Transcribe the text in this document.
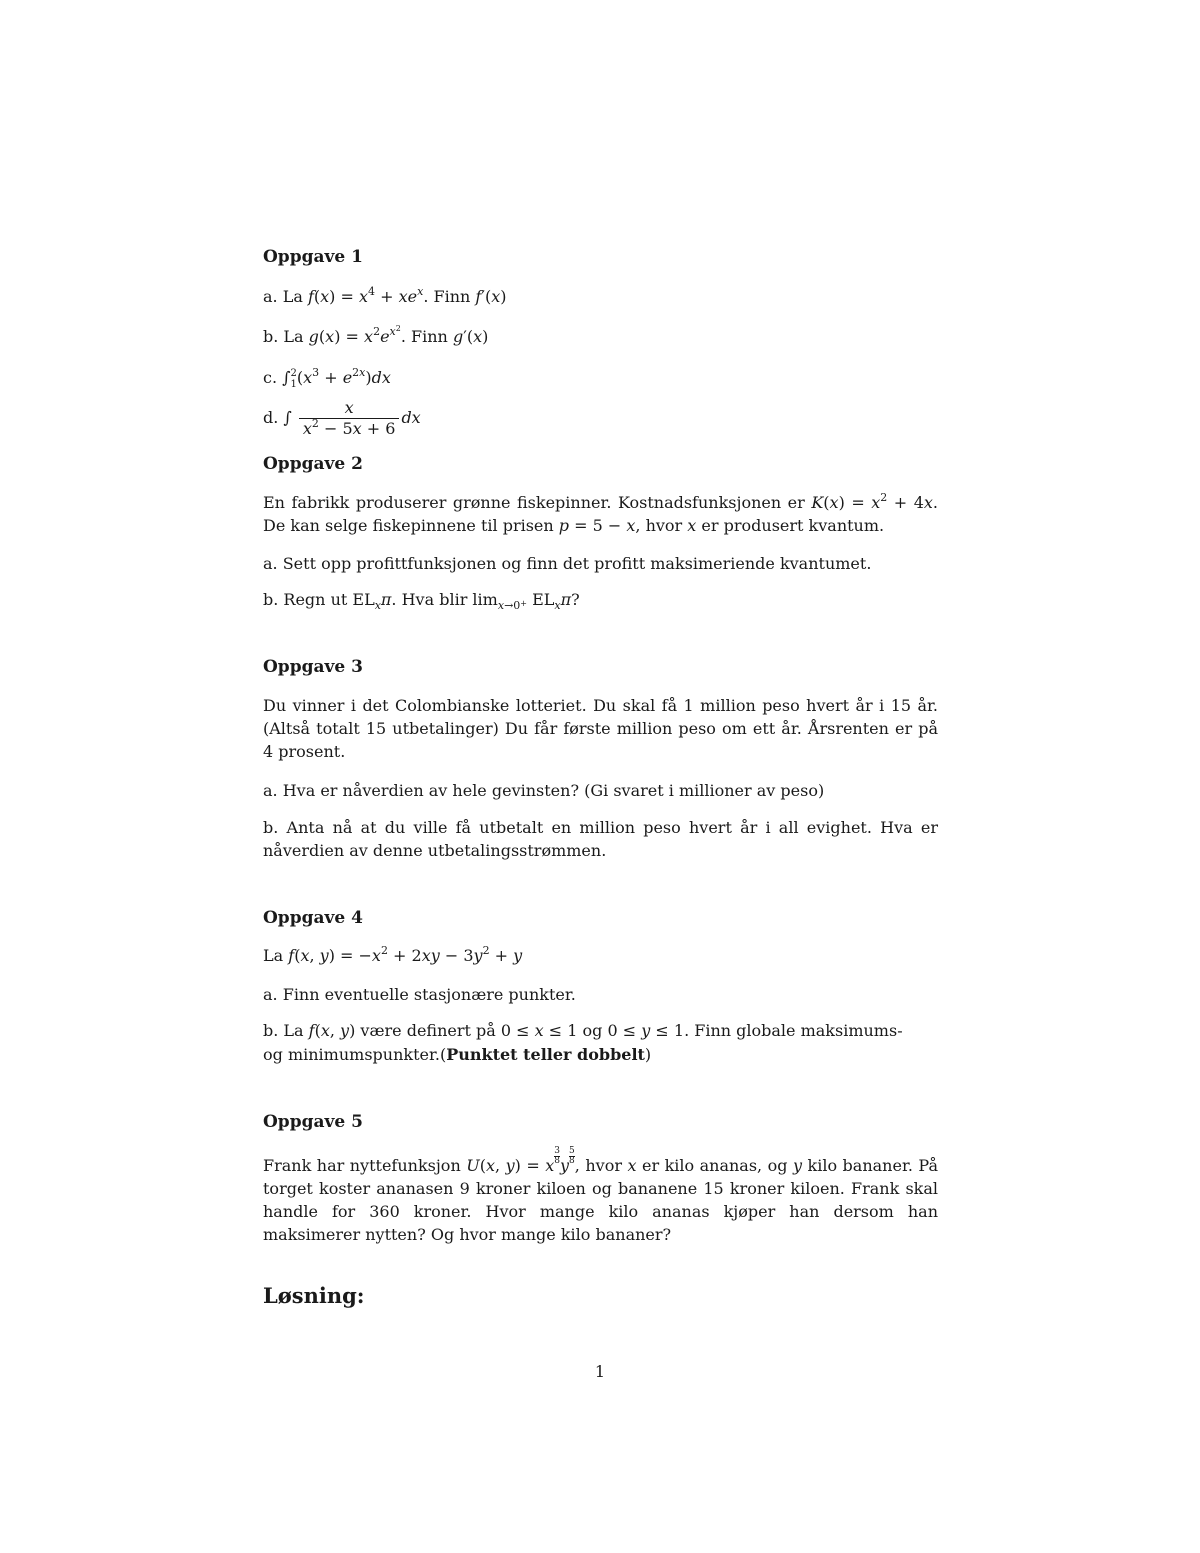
Oppgave 1
a. La $f(x) = x^4 + xe^x$. Finn f′(x)
b. La $g(x) = x^2e^{x^2}$. Finn g′(x)
c. ∫ 2
1 $(x^3 + e^{2x})dx$
d. ∫ $\frac{x}{x^2 - 5x + 6}$ dx
Oppgave 2
En fabrikk produserer grønne fiskepinner. Kostnadsfunksjonen er $K(x) = x^2 + 4x$. De kan selge fiskepinnene til prisen p = 5 − x, hvor x er produsert kvantum.
a. Sett opp profittfunksjonen og finn det profitt maksimeriende kvantumet.
b. Regn ut $EL_x\pi$. Hva blir $\lim_{x\to 0^+} EL_x\pi$?
Oppgave 3
Du vinner i det Colombianske lotteriet. Du skal få 1 million peso hvert år i 15 år. (Altså totalt 15 utbetalinger) Du får første million peso om ett år. Årsrenten er på 4 prosent.
a. Hva er nåverdien av hele gevinsten? (Gi svaret i millioner av peso)
b. Anta nå at du ville få utbetalt en million peso hvert år i all evighet. Hva er nåverdien av denne utbetalingsstrømmen.
Oppgave 4
La f(x, $y) = -x^2 + 2xy - 3y^2 + y$
a. Finn eventuelle stasjonære punkter.
b. La f(x, y) være definert på 0 ≤ x ≤ 1 og 0 ≤ y ≤ 1. Finn globale maksimums-
og minimumspunkter.(Punktet teller dobbelt)
Oppgave 5
Frank har nyttefunksjon U(x, y) = x $\frac{3}{8}$ y $\frac{5}{8}$ , hvor x er kilo ananas, og y kilo bananer. På torget koster ananasen 9 kroner kiloen og bananene 15 kroner kiloen. Frank skal handle for 360 kroner. Hvor mange kilo ananas kjøper han dersom han maksimerer nytten? Og hvor mange kilo bananer?
Løsning:
1
